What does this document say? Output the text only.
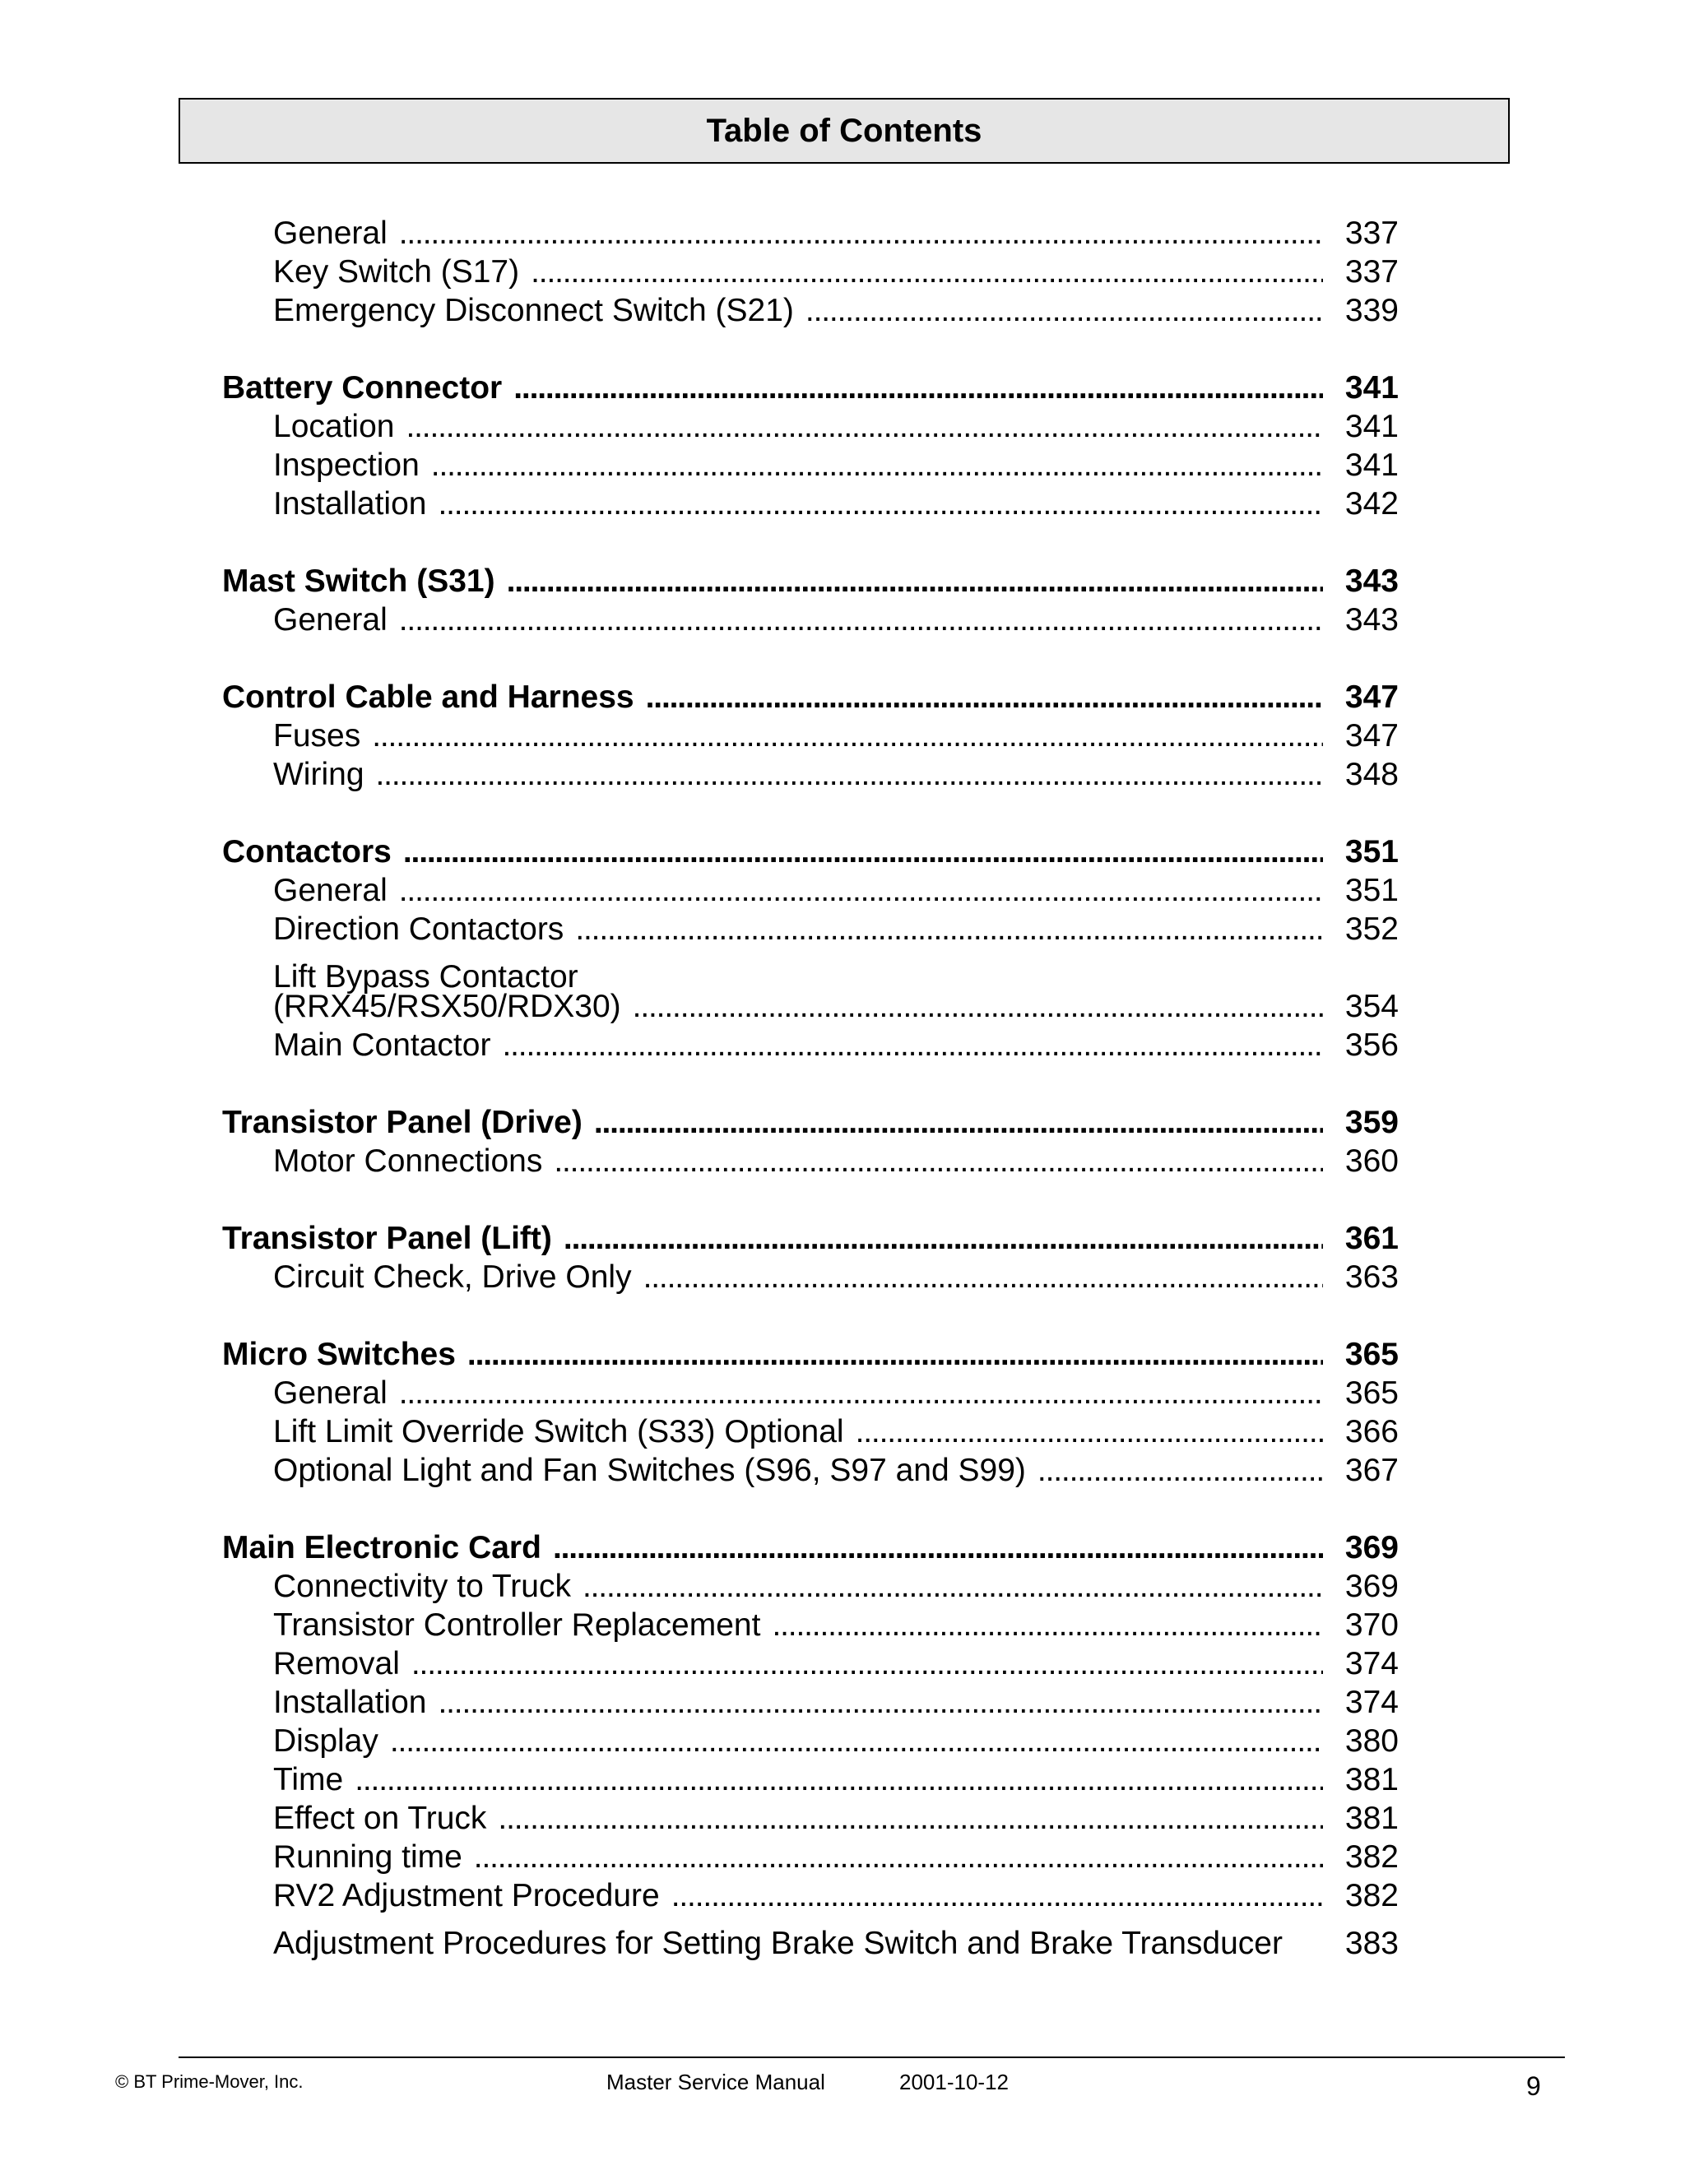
Table of Contents
General . . .	337
Key Switch (S17) . . .	337
Emergency Disconnect Switch (S21) . . .	339
Battery Connector . . .	341
Location . . .	341
Inspection . . .	341
Installation . . .	342
Mast Switch (S31) . . .	343
General . . .	343
Control Cable and Harness . . .	347
Fuses . . .	347
Wiring . . .	348
Contactors . . .	351
General . . .	351
Direction Contactors . . .	352
Lift Bypass Contactor
(RRX45/RSX50/RDX30) . . .	354
Main Contactor . . .	356
Transistor Panel (Drive) . . .	359
Motor Connections . . .	360
Transistor Panel (Lift) . . .	361
Circuit Check, Drive Only . . .	363
Micro Switches . . .	365
General . . .	365
Lift Limit Override Switch (S33) Optional . . .	366
Optional Light and Fan Switches (S96, S97 and S99) . . .	367
Main Electronic Card . . .	369
Connectivity to Truck . . .	369
Transistor Controller Replacement . . .	370
Removal . . .	374
Installation . . .	374
Display . . .	380
Time . . .	381
Effect on Truck . . .	381
Running time . . .	382
RV2 Adjustment Procedure . . .	382
Adjustment Procedures for Setting Brake Switch and Brake Transducer	383
© BT Prime-Mover, Inc.	Master Service Manual	2001-10-12	9
